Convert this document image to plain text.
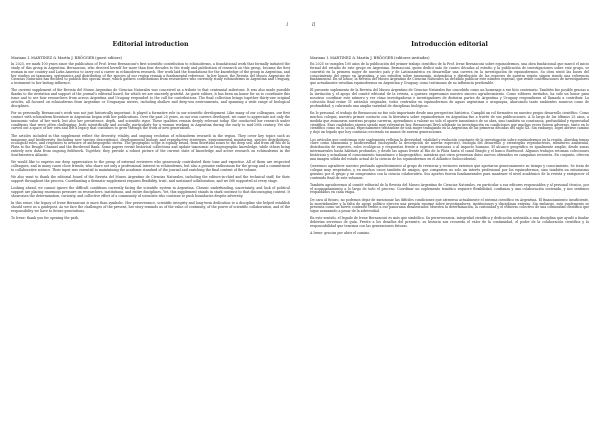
I
Editorial introduction
Mariano I. MARTINEZ & Martín J. BRÖGGER (guest editors)

In 2025, we mark 100 years since the publication of Prof. Irene Bernasconi's first scientific contribution to echinoderms, a foundational work that formally initiated the study of this group in Argentina. Bernasconi, who devoted herself for more than four decades to the study and publication of research on this group, became the first woman in our country and Latin America to carry out a career in echinoderm research. Her work laid the foundations for the knowledge of the group in Argentina, and her studies on taxonomy, systematics and distribution of the species of our region remain a fundamental reference. In her honor, the Revista del Museo Argentino de Ciencias Naturales has decided to publish this special issue, which gathers contributions from researchers who currently study echinoderms in Argentina and Uruguay, a testament to her lasting influence.

The current supplement of the Revista del Museo Argentino de Ciencias Naturales was conceived as a tribute to that centennial milestone. It was also made possible thanks to the invitation and support of the journal's editorial board, for which we are sincerely grateful. As guest editors, it has been an honor for us to coordinate this issue and to see how researchers from across Argentina and Uruguay responded to the call for contributions. The final collection brings together thirty-one original articles, all focused on echinoderms from Argentine or Uruguayan waters, including shallow and deep-sea environments, and spanning a wide range of biological disciplines.

For us personally, Bernasconi's work was not just historically important. It played a formative role in our scientific development. Like many of our colleagues, our first contact with echinoderm literature in Argentina began with her publications. Over the past 25 years, as our own careers developed, we came to appreciate not only the taxonomic value of her work, but also her persistence, depth, and scientific rigor. These qualities remain deeply relevant today. She conducted her research under conditions that were often challenging, both scientifically and socially, particularly for a woman working in Argentina during the early to mid-20th century. Yet she carved out a space of her own and left a legacy that continues to grow through the work of new generations.

The articles included in this supplement reflect the diversity, vitality, and ongoing evolution of echinoderm research in the region. They cover key topics such as taxonomy and biodiversity (including new species descriptions), developmental biology and reproductive strategies, environmental monitoring, species distributions, ecological roles, and responses to invasive or anthropogenic stress. The geographic scope is equally broad, from intertidal zones to the deep sea, and from off Río de la Plata to the Beagle Channel and the Burdwood Bank. Some papers revisit historical collections and update taxonomic or biogeographic knowledge, while others bring entirely new data from ongoing fieldwork. Together, they provide a robust picture of the current state of knowledge and active research on echinoderms in the Southwestern Atlantic.

We would like to express our deep appreciation to the group of external reviewers who generously contributed their time and expertise. All of them are respected colleagues, and in many cases close friends, who share not only a professional interest in echinoderms, but also a genuine enthusiasm for the group and a commitment to collaborative science. Their input was essential to maintaining the academic standard of the journal and enriching the final content of the volume.

We also want to thank the editorial board of the Revista del Museo Argentino de Ciencias Naturales, including the editors-in-chief and the technical staff, for their support throughout the process. Coordinating a thematic supplement requires flexibility, trust, and sustained collaboration, and we felt supported at every stage.

Looking ahead, we cannot ignore the difficult conditions currently facing the scientific system in Argentina. Chronic underfunding, uncertainty, and lack of political support are placing enormous pressure on researchers, institutions, and entire disciplines. Yet, this supplement stands in stark contrast to that discouraging context. It showcases the determination, curiosity, and collective effort of a community of scientists who continue to push boundaries despite adversity.

In this sense, the legacy of Irene Bernasconi is more than symbolic. Her perseverance, scientific integrity and long-term dedication to a discipline she helped establish should serve as a guidepost. As we face the challenges of the present, her story reminds us of the value of continuity, of the power of scientific collaboration, and of the responsibility we have to future generations.

To Irene: thank you for opening the path.

II
Introducción editorial
Mariano I. MARTINEZ & Martín J. BRÖGGER (editores invitados)

En 2025 se cumplen 100 años de la publicación del primer trabajo científico de la Prof. Irene Bernasconi sobre equinodermos, una obra fundacional que marcó el inicio formal del estudio de este grupo en Argentina. Bernasconi, quien dedicó más de cuatro décadas al estudio y la publicación de investigaciones sobre este grupo, se convirtió en la primera mujer de nuestro país y de Latinoamérica en desarrollar una carrera en la investigación de equinodermos. Su obra sentó las bases del conocimiento del grupo en Argentina, y sus estudios sobre taxonomía, sistemática y distribución de las especies de nuestra región siguen siendo una referencia fundamental. En su honor, la Revista del Museo Argentino de Ciencias Naturales ha decidido publicar este número especial, que reúne contribuciones de investigadores que actualmente estudian equinodermos en Argentina y Uruguay, como testimonio de su influencia perdurable.

El presente suplemento de la Revista del Museo Argentino de Ciencias Naturales fue concebido como un homenaje a ese hito centenario. También fue posible gracias a la invitación y el apoyo del comité editorial de la revista, a quienes expresamos nuestro sincero agradecimiento. Como editores invitados, ha sido un honor para nosotros coordinar este número y ver cómo investigadoras e investigadores de distintas partes de Argentina y Uruguay respondieron al llamado a contribuir. La colección final reúne 31 artículos originales, todos centrados en equinodermos de aguas argentinas o uruguayas, abarcando tanto ambientes someros como de profundidad, y cubriendo una amplia variedad de disciplinas biológicas.

En lo personal, el trabajo de Bernasconi no fue solo importante desde una perspectiva histórica. Cumplió un rol formativo en nuestro propio desarrollo científico. Como muchos colegas, nuestro primer contacto con la literatura sobre equinodermos en Argentina fue a través de sus publicaciones. A lo largo de los últimos 25 años, a medida que avanzaron nuestras propias carreras, aprendimos a valorar no solo el aporte taxonómico de su obra, sino también su constancia, profundidad y rigurosidad científica. Esas cualidades siguen siendo muy relevantes hoy. Bernasconi llevó adelante su investigación en condiciones que muchas veces fueron adversas, tanto en lo científico como en lo social, especialmente tratándose de una mujer trabajando en la Argentina de las primeras décadas del siglo XX. Sin embargo, logró abrirse camino y dejó un legado que hoy continúa creciendo en manos de nuevas generaciones.

Los artículos que conforman este suplemento reflejan la diversidad, vitalidad y evolución constante de la investigación sobre equinodermos en la región. Abordan temas clave como taxonomía y biodiversidad (incluyendo la descripción de nuevas especies), biología del desarrollo y estrategias reproductivas, monitoreo ambiental, distribución de especies, roles ecológicos y respuestas frente a especies invasoras o al impacto humano. El alcance geográfico es igualmente amplio, desde zonas intermareales hasta hábitats profundos, y desde las aguas frente al Río de la Plata hasta el canal Beagle y el banco Burdwood. Algunos trabajos retoman colecciones históricas y actualizan el conocimiento taxonómico o biogeográfico, mientras que otros presentan datos nuevos obtenidos en campañas recientes. En conjunto, ofrecen una imagen sólida del estado actual de la ciencia de los equinodermos en el Atlántico Sudoccidental.

Queremos agradecer nuestro profundo agradecimiento al grupo de revisoras y revisores externos que aportaron generosamente su tiempo y conocimiento. Se trata de colegas muy respetados, y en muchos casos también de amigos, que comparten no solo un interés profesional por los equinodermos, sino también un entusiasmo genuino por el grupo y un compromiso con la ciencia colaborativa. Sus aportes fueron fundamentales para mantener el nivel académico de la revista y enriquecer el contenido final de este volumen.

También agradecemos al comité editorial de la Revista del Museo Argentino de Ciencias Naturales, en particular a sus editores responsables y al personal técnico, por el acompañamiento a lo largo de todo el proceso. Coordinar un suplemento temático requiere flexibilidad, confianza y una colaboración sostenida, y nos sentimos respaldados en cada etapa.

De cara al futuro, no podemos dejar de mencionar las difíciles condiciones que atraviesa actualmente el sistema científico en Argentina. El financiamiento insuficiente, la incertidumbre y la falta de apoyo político ejercen una presión enorme sobre investigadores, instituciones y disciplinas enteras. Sin embargo, este suplemento se presenta como un fuerte contraste frente a ese panorama desalentador. Muestra la determinación, la curiosidad y el esfuerzo colectivo de una comunidad científica que sigue avanzando a pesar de la adversidad.

En este sentido, el legado de Irene Bernasconi es más que simbólico. Su perseverancia, integridad científica y dedicación sostenida a una disciplina que ayudó a fundar deberían servirnos de guía. Frente a los desafíos del presente, su historia nos recuerda el valor de la continuidad, el poder de la colaboración científica y la responsabilidad que tenemos con las generaciones futuras.

A Irene: gracias por abrir el camino.
